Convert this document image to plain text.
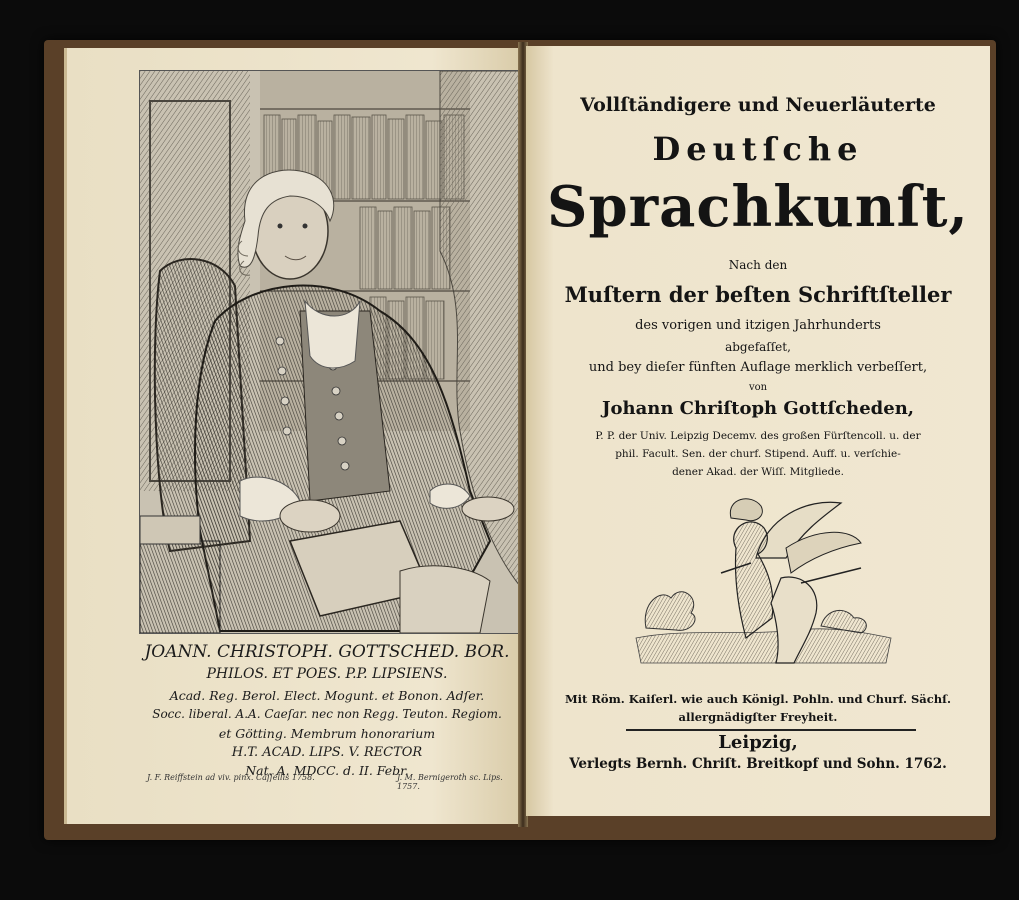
JOANN. CHRISTOPH. GOTTSCHED. BOR.
PHILOS. ET POES. P.P. LIPSIENS.
Acad. Reg. Berol. Elect. Mogunt. et Bonon. Adſer.
Socc. liberal. A.A. Caeſar. nec non Regg. Teuton. Regiom.
et Götting. Membrum honorarium
H.T. ACAD. LIPS. V. RECTOR
Nat. A. MDCC. d. II. Febr.
J. F. Reiffstein ad viv. pinx. Caſſellis 1758.	J. M. Bernigeroth sc. Lips. 1757.
Vollſtändigere und Neuerläuterte
Deutſche
Sprachkunſt,
Nach den
Muſtern der beſten Schriftſteller
des vorigen und itzigen Jahrhunderts
abgefaſſet,
und bey dieſer fünften Auflage merklich verbeſſert,
von
Johann Chriſtoph Gottſcheden,
P. P. der Univ. Leipzig Decemv. des großen Fürſtencoll. u. der
phil. Facult. Sen. der churf. Stipend. Auff. u. verſchie-
dener Akad. der Wiſſ. Mitgliede.
Mit Röm. Kaiſerl. wie auch Königl. Pohln. und Churf. Sächſ.
allergnädigſter Freyheit.
Leipzig,
Verlegts Bernh. Chriſt. Breitkopf und Sohn. 1762.
